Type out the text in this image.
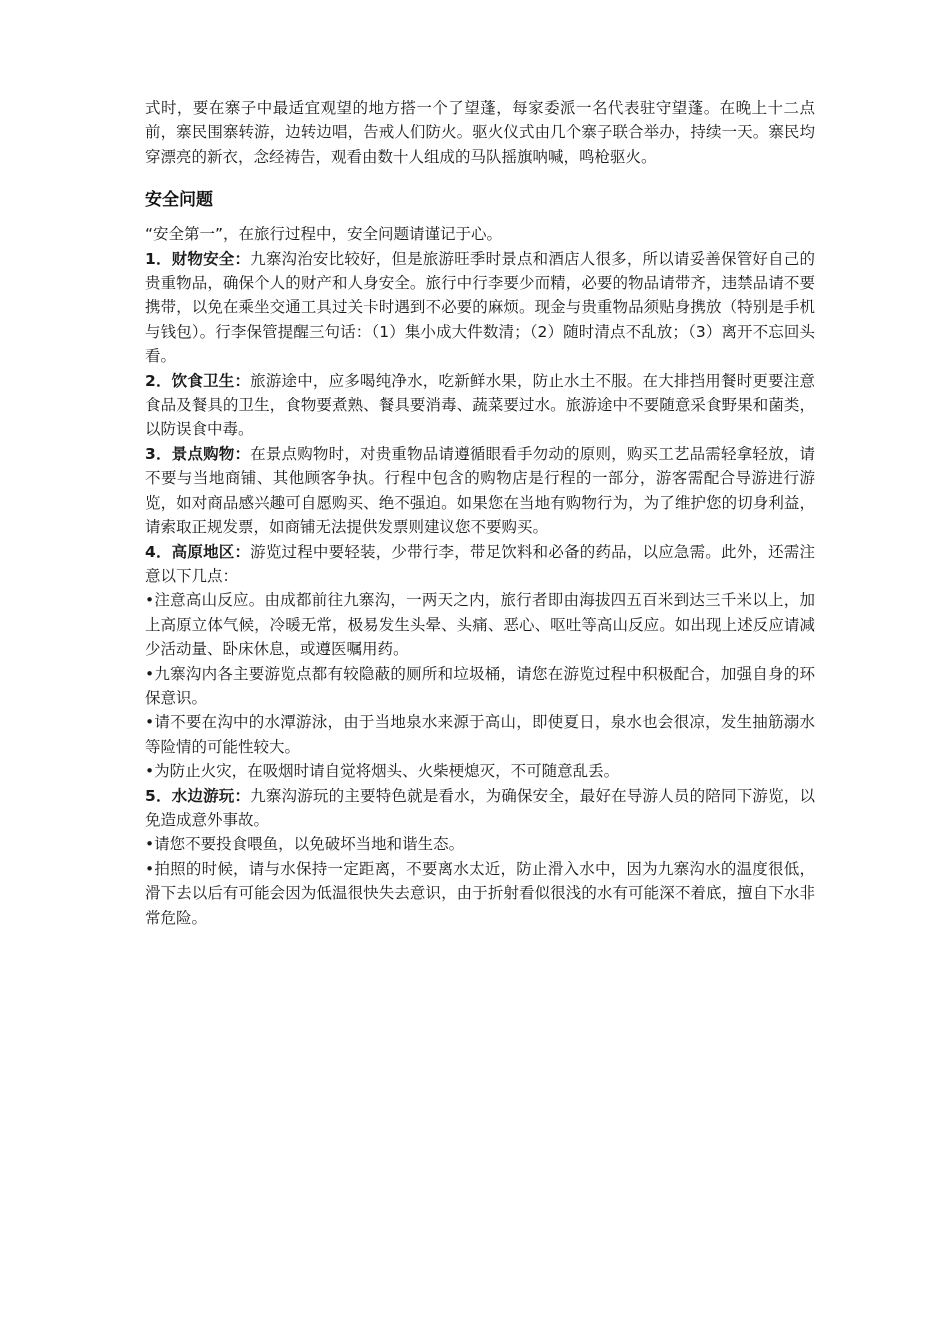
式时，要在寨子中最适宜观望的地方搭一个了望蓬，每家委派一名代表驻守望蓬。在晚上十二点前，寨民围寨转游，边转边唱，告戒人们防火。驱火仪式由几个寨子联合举办，持续一天。寨民均穿漂亮的新衣，念经祷告，观看由数十人组成的马队摇旗呐喊，鸣枪驱火。

安全问题

“安全第一”，在旅行过程中，安全问题请谨记于心。

1．财物安全：九寨沟治安比较好，但是旅游旺季时景点和酒店人很多，所以请妥善保管好自己的贵重物品，确保个人的财产和人身安全。旅行中行李要少而精，必要的物品请带齐，违禁品请不要携带，以免在乘坐交通工具过关卡时遇到不必要的麻烦。现金与贵重物品须贴身携放（特别是手机与钱包）。行李保管提醒三句话：（1）集小成大件数清；（2）随时清点不乱放；（3）离开不忘回头看。

2．饮食卫生：旅游途中，应多喝纯净水，吃新鲜水果，防止水土不服。在大排挡用餐时更要注意食品及餐具的卫生，食物要煮熟、餐具要消毒、蔬菜要过水。旅游途中不要随意采食野果和菌类，以防误食中毒。

3．景点购物：在景点购物时，对贵重物品请遵循眼看手勿动的原则，购买工艺品需轻拿轻放，请不要与当地商铺、其他顾客争执。行程中包含的购物店是行程的一部分，游客需配合导游进行游览，如对商品感兴趣可自愿购买、绝不强迫。如果您在当地有购物行为，为了维护您的切身利益，请索取正规发票，如商铺无法提供发票则建议您不要购买。

4．高原地区：游览过程中要轻装，少带行李，带足饮料和必备的药品，以应急需。此外，还需注意以下几点：

•注意高山反应。由成都前往九寨沟，一两天之内，旅行者即由海拔四五百米到达三千米以上，加上高原立体气候，冷暖无常，极易发生头晕、头痛、恶心、呕吐等高山反应。如出现上述反应请减少活动量、卧床休息，或遵医嘱用药。

•九寨沟内各主要游览点都有较隐蔽的厕所和垃圾桶，请您在游览过程中积极配合，加强自身的环保意识。

•请不要在沟中的水潭游泳，由于当地泉水来源于高山，即使夏日，泉水也会很凉，发生抽筋溺水等险情的可能性较大。

•为防止火灾，在吸烟时请自觉将烟头、火柴梗熄灭，不可随意乱丢。

5．水边游玩：九寨沟游玩的主要特色就是看水，为确保安全，最好在导游人员的陪同下游览，以免造成意外事故。

•请您不要投食喂鱼，以免破坏当地和谐生态。

•拍照的时候，请与水保持一定距离，不要离水太近，防止滑入水中，因为九寨沟水的温度很低，滑下去以后有可能会因为低温很快失去意识，由于折射看似很浅的水有可能深不着底，擅自下水非常危险。
